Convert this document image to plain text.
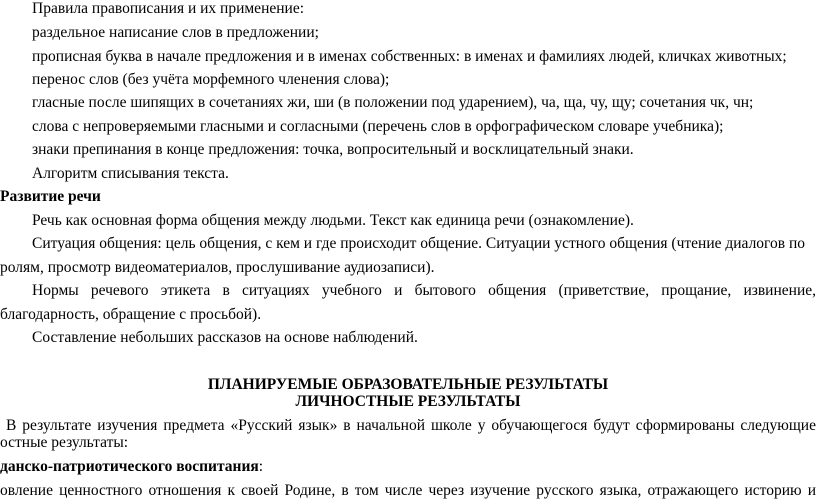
Правила правописания и их применение:
раздельное написание слов в предложении;
прописная буква в начале предложения и в именах собственных: в именах и фамилиях людей, кличках животных;
перенос слов (без учёта морфемного членения слова);
гласные после шипящих в сочетаниях жи, ши (в положении под ударением), ча, ща, чу, щу; сочетания чк, чн;
слова с непроверяемыми гласными и согласными (перечень слов в орфографическом словаре учебника);
знаки препинания в конце предложения: точка, вопросительный и восклицательный знаки.
Алгоритм списывания текста.
Развитие речи
Речь как основная форма общения между людьми. Текст как единица речи (ознакомление).
Ситуация общения: цель общения, с кем и где происходит общение. Ситуации устного общения (чтение диалогов по
ролям, просмотр видеоматериалов, прослушивание аудиозаписи).
Нормы речевого этикета в ситуациях учебного и бытового общения (приветствие, прощание, извинение,
благодарность, обращение с просьбой).
Составление небольших рассказов на основе наблюдений.
ПЛАНИРУЕМЫЕ ОБРАЗОВАТЕЛЬНЫЕ РЕЗУЛЬТАТЫ
ЛИЧНОСТНЫЕ РЕЗУЛЬТАТЫ
В результате изучения предмета «Русский язык» в начальной школе у обучающегося будут сформированы следующие
остные результаты:
данско-патриотического воспитания:
овление ценностного отношения к своей Родине, в том числе через изучение русского языка, отражающего историю и
